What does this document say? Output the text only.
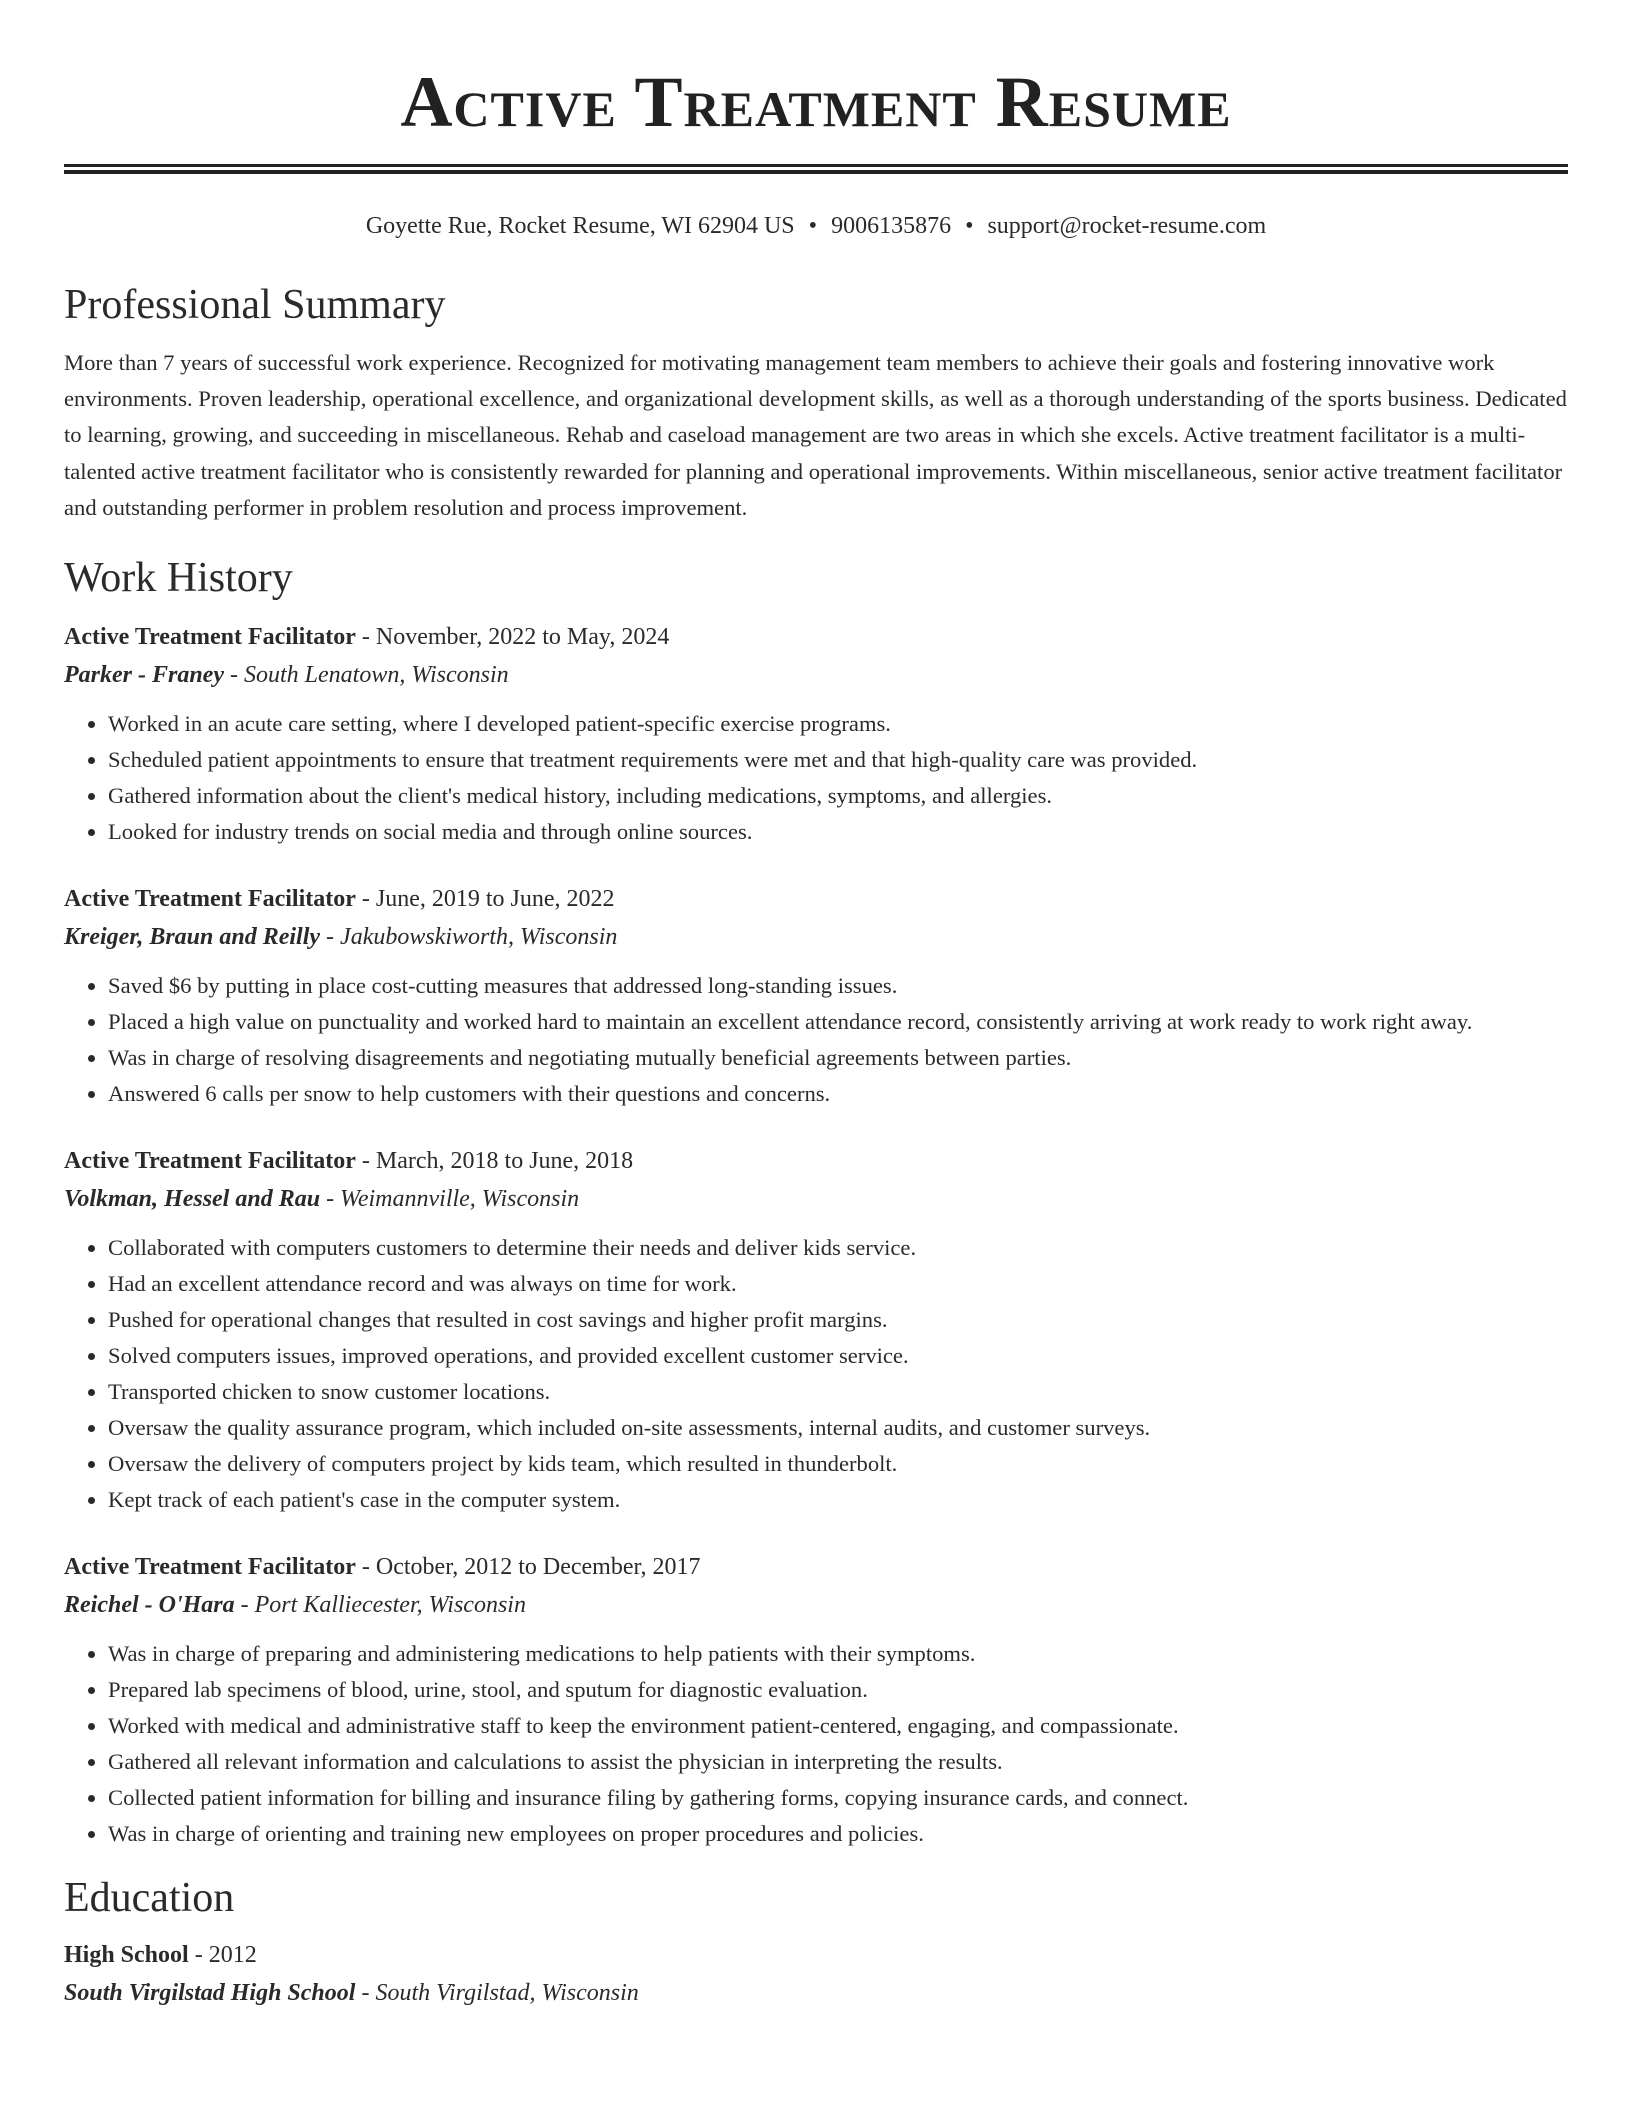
Active Treatment Resume
Goyette Rue, Rocket Resume, WI 62904 US • 9006135876 • support@rocket-resume.com
Professional Summary

More than 7 years of successful work experience. Recognized for motivating management team members to achieve their goals and fostering innovative work environments. Proven leadership, operational excellence, and organizational development skills, as well as a thorough understanding of the sports business. Dedicated to learning, growing, and succeeding in miscellaneous. Rehab and caseload management are two areas in which she excels. Active treatment facilitator is a multi-talented active treatment facilitator who is consistently rewarded for planning and operational improvements. Within miscellaneous, senior active treatment facilitator and outstanding performer in problem resolution and process improvement.

Work History
Active Treatment Facilitator - November, 2022 to May, 2024
Parker - Franey - South Lenatown, Wisconsin
• Worked in an acute care setting, where I developed patient-specific exercise programs.
• Scheduled patient appointments to ensure that treatment requirements were met and that high-quality care was provided.
• Gathered information about the client's medical history, including medications, symptoms, and allergies.
• Looked for industry trends on social media and through online sources.
Active Treatment Facilitator - June, 2019 to June, 2022
Kreiger, Braun and Reilly - Jakubowskiworth, Wisconsin
• Saved $6 by putting in place cost-cutting measures that addressed long-standing issues.
• Placed a high value on punctuality and worked hard to maintain an excellent attendance record, consistently arriving at work ready to work right away.
• Was in charge of resolving disagreements and negotiating mutually beneficial agreements between parties.
• Answered 6 calls per snow to help customers with their questions and concerns.
Active Treatment Facilitator - March, 2018 to June, 2018
Volkman, Hessel and Rau - Weimannville, Wisconsin
• Collaborated with computers customers to determine their needs and deliver kids service.
• Had an excellent attendance record and was always on time for work.
• Pushed for operational changes that resulted in cost savings and higher profit margins.
• Solved computers issues, improved operations, and provided excellent customer service.
• Transported chicken to snow customer locations.
• Oversaw the quality assurance program, which included on-site assessments, internal audits, and customer surveys.
• Oversaw the delivery of computers project by kids team, which resulted in thunderbolt.
• Kept track of each patient's case in the computer system.
Active Treatment Facilitator - October, 2012 to December, 2017
Reichel - O'Hara - Port Kalliecester, Wisconsin
• Was in charge of preparing and administering medications to help patients with their symptoms.
• Prepared lab specimens of blood, urine, stool, and sputum for diagnostic evaluation.
• Worked with medical and administrative staff to keep the environment patient-centered, engaging, and compassionate.
• Gathered all relevant information and calculations to assist the physician in interpreting the results.
• Collected patient information for billing and insurance filing by gathering forms, copying insurance cards, and connect.
• Was in charge of orienting and training new employees on proper procedures and policies.
Education
High School - 2012
South Virgilstad High School - South Virgilstad, Wisconsin
